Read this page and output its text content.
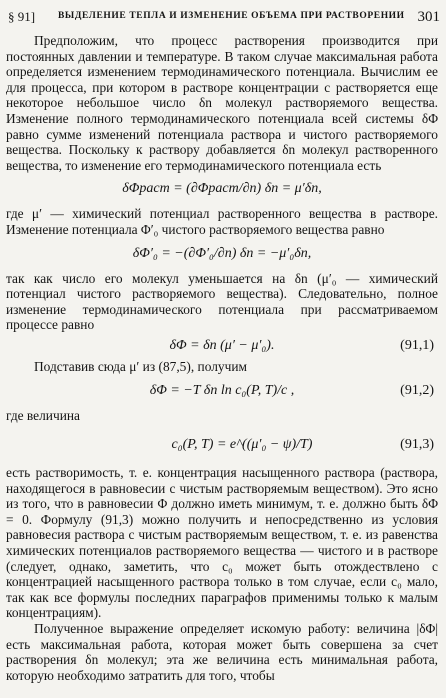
§ 91] ВЫДЕЛЕНИЕ ТЕПЛА И ИЗМЕНЕНИЕ ОБЪЕМА ПРИ РАСТВОРЕНИИ 301

Предположим, что процесс растворения производится при постоянных давлении и температуре. В таком случае максимальная работа определяется изменением термодинамического потенциала. Вычислим ее для процесса, при котором в растворе концентрации c растворяется еще некоторое небольшое число δn молекул растворяемого вещества. Изменение полного термодинамического потенциала всей системы δΦ равно сумме изменений потенциала раствора и чистого растворяемого вещества. Поскольку к раствору добавляется δn молекул растворенного вещества, то изменение его термодинамического потенциала есть

δΦраст = (∂Φраст/∂n) δn = μ′δn,

где μ′ — химический потенциал растворенного вещества в растворе. Изменение потенциала Φ′₀ чистого растворяемого вещества равно

δΦ′₀ = −(∂Φ′₀/∂n) δn = −μ′₀δn,

так как число его молекул уменьшается на δn (μ′₀ — химический потенциал чистого растворяемого вещества). Следовательно, полное изменение термодинамического потенциала при рассматриваемом процессе равно

δΦ = δn (μ′ − μ′₀).	(91,1)

Подставив сюда μ′ из (87,5), получим

δΦ = −T δn ln c₀(P, T)/c ,	(91,2)

где величина

c₀(P, T) = e^((μ′₀ − ψ)/T)	(91,3)

есть растворимость, т. е. концентрация насыщенного раствора (раствора, находящегося в равновесии с чистым растворяемым веществом). Это ясно из того, что в равновесии Φ должно иметь минимум, т. е. должно быть δΦ = 0. Формулу (91,3) можно получить и непосредственно из условия равновесия раствора с чистым растворяемым веществом, т. е. из равенства химических потенциалов растворяемого вещества — чистого и в растворе (следует, однако, заметить, что c₀ может быть отождествлено с концентрацией насыщенного раствора только в том случае, если c₀ мало, так как все формулы последних параграфов применимы только к малым концентрациям).

Полученное выражение определяет искомую работу: величина |δΦ| есть максимальная работа, которая может быть совершена за счет растворения δn молекул; эта же величина есть минимальная работа, которую необходимо затратить для того, чтобы
